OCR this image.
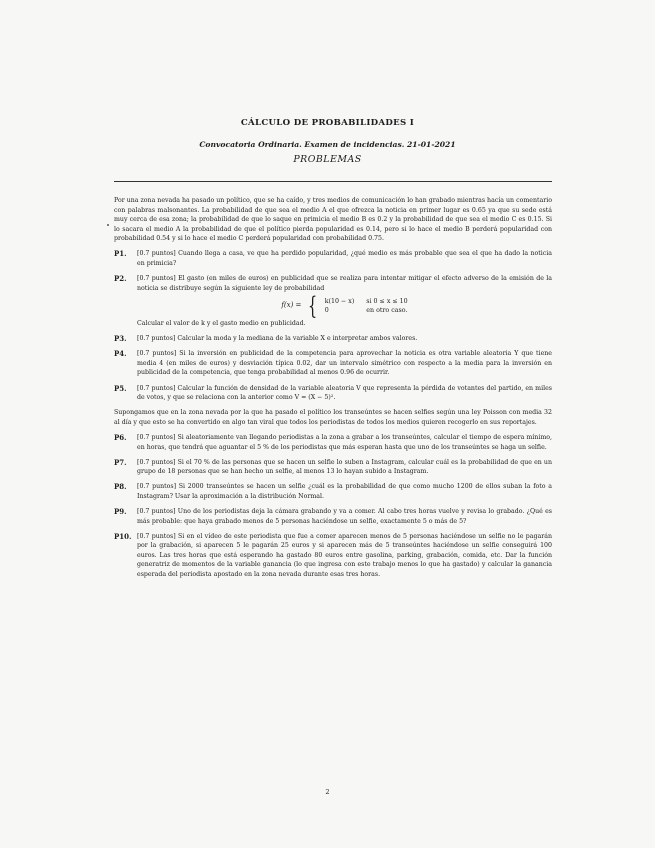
CÁLCULO DE PROBABILIDADES I
Convocatoria Ordinaria. Examen de incidencias. 21-01-2021
PROBLEMAS

Por una zona nevada ha pasado un político, que se ha caído, y tres medios de comunicación lo han grabado mientras hacía un comentario con palabras malsonantes. La probabilidad de que sea el medio A el que ofrezca la noticia en primer lugar es 0.65 ya que su sede está muy cerca de esa zona; la probabilidad de que lo saque en primicia el medio B es 0.2 y la probabilidad de que sea el medio C es 0.15. Si lo sacara el medio A la probabilidad de que el político pierda popularidad es 0.14, pero si lo hace el medio B perderá popularidad con probabilidad 0.54 y si lo hace el medio C perderá popularidad con probabilidad 0.75.

P1.	[0.7 puntos] Cuando llega a casa, ve que ha perdido popularidad, ¿qué medio es más probable que sea el que ha dado la noticia en primicia?

P2.	[0.7 puntos] El gasto (en miles de euros) en publicidad que se realiza para intentar mitigar el efecto adverso de la emisión de la noticia se distribuye según la siguiente ley de probabilidad

f(x) = { k(10 − x) si 0 ≤ x ≤ 10
0	en otro caso.

Calcular el valor de k y el gasto medio en publicidad.

P3.	[0.7 puntos] Calcular la moda y la mediana de la variable X e interpretar ambos valores.

P4.	[0.7 puntos] Si la inversión en publicidad de la competencia para aprovechar la noticia es otra variable aleatoria Y que tiene media 4 (en miles de euros) y desviación típica 0.02, dar un intervalo simétrico con respecto a la media para la inversión en publicidad de la competencia, que tenga probabilidad al menos 0.96 de ocurrir.

P5.	[0.7 puntos] Calcular la función de densidad de la variable aleatoria V que representa la pérdida de votantes del partido, en miles de votos, y que se relaciona con la anterior como V = (X − 5)².

Supongamos que en la zona nevada por la que ha pasado el político los transeúntes se hacen selfies según una ley Poisson con media 32 al día y que esto se ha convertido en algo tan viral que todos los periodistas de todos los medios quieren recogerlo en sus reportajes.

P6.	[0.7 puntos] Si aleatoriamente van llegando periodistas a la zona a grabar a los transeúntes, calcular el tiempo de espera mínimo, en horas, que tendrá que aguantar el 5 % de los periodistas que más esperan hasta que uno de los transeúntes se haga un selfie.

P7.	[0.7 puntos] Si el 70 % de las personas que se hacen un selfie lo suben a Instagram, calcular cuál es la probabilidad de que en un grupo de 18 personas que se han hecho un selfie, al menos 13 lo hayan subido a Instagram.

P8.	[0.7 puntos] Si 2000 transeúntes se hacen un selfie ¿cuál es la probabilidad de que como mucho 1200 de ellos suban la foto a Instagram? Usar la aproximación a la distribución Normal.

P9.	[0.7 puntos] Uno de los periodistas deja la cámara grabando y va a comer. Al cabo tres horas vuelve y revisa lo grabado. ¿Qué es más probable: que haya grabado menos de 5 personas haciéndose un selfie, exactamente 5 o más de 5?

P10. [0.7 puntos] Si en el vídeo de este periodista que fue a comer aparecen menos de 5 personas haciéndose un selfie no le pagarán por la grabación, si aparecen 5 le pagarán 25 euros y si aparecen más de 5 transeúntes haciéndose un selfie conseguirá 100 euros. Las tres horas que está esperando ha gastado 80 euros entre gasolina, parking, grabación, comida, etc. Dar la función generatriz de momentos de la variable ganancia (lo que ingresa con este trabajo menos lo que ha gastado) y calcular la ganancia esperada del periodista apostado en la zona nevada durante esas tres horas.

2
